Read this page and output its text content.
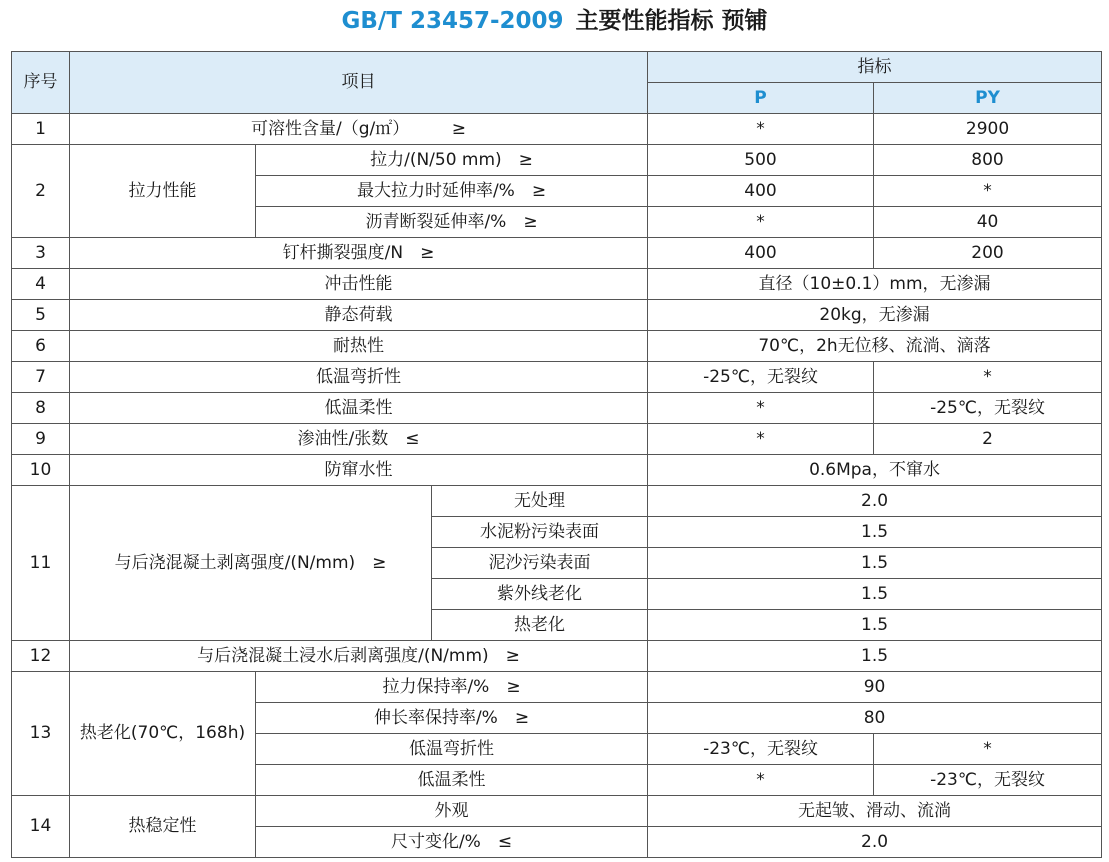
GB/T 23457-2009 主要性能指标 预铺
序号	项目			指标	
				P	PY
1	可溶性含量/（g/㎡）　　　≥			*	2900
2	拉力性能	拉力/(N/50 mm)　≥		500	800
		最大拉力时延伸率/%　≥		400	*
		沥青断裂延伸率/%　≥		*	40
3	钉杆撕裂强度/N　≥			400	200
4	冲击性能			直径（10±0.1）mm，无渗漏	
5	静态荷载			20kg，无渗漏	
6	耐热性			70℃，2h无位移、流淌、滴落	
7	低温弯折性			-25℃，无裂纹	*
8	低温柔性			*	-25℃，无裂纹
9	渗油性/张数　≤			*	2
10	防窜水性			0.6Mpa，不窜水	
11	与后浇混凝土剥离强度/(N/mm)　≥		无处理	2.0	
			水泥粉污染表面	1.5	
			泥沙污染表面	1.5	
			紫外线老化	1.5	
			热老化	1.5	
12	与后浇混凝土浸水后剥离强度/(N/mm)　≥			1.5	
13	热老化(70℃，168h)	拉力保持率/%　≥		90	
		伸长率保持率/%　≥		80	
		低温弯折性		-23℃，无裂纹	*
		低温柔性		*	-23℃，无裂纹
14	热稳定性	外观		无起皱、滑动、流淌	
		尺寸变化/%　≤		2.0	
